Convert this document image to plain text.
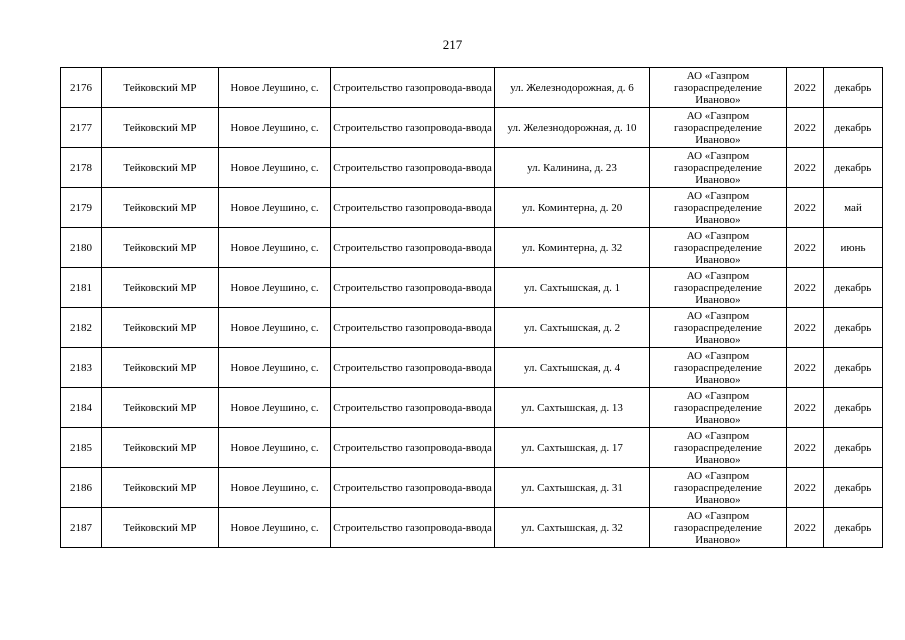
217
2176	Тейковский МР	Новое Леушино, с.	Строительство газопровода-ввода	ул. Железнодорожная, д. 6	АО «Газпром газораспределение Иваново»	2022	декабрь
2177	Тейковский МР	Новое Леушино, с.	Строительство газопровода-ввода	ул. Железнодорожная, д. 10	АО «Газпром газораспределение Иваново»	2022	декабрь
2178	Тейковский МР	Новое Леушино, с.	Строительство газопровода-ввода	ул. Калинина, д. 23	АО «Газпром газораспределение Иваново»	2022	декабрь
2179	Тейковский МР	Новое Леушино, с.	Строительство газопровода-ввода	ул. Коминтерна, д. 20	АО «Газпром газораспределение Иваново»	2022	май
2180	Тейковский МР	Новое Леушино, с.	Строительство газопровода-ввода	ул. Коминтерна, д. 32	АО «Газпром газораспределение Иваново»	2022	июнь
2181	Тейковский МР	Новое Леушино, с.	Строительство газопровода-ввода	ул. Сахтышская, д. 1	АО «Газпром газораспределение Иваново»	2022	декабрь
2182	Тейковский МР	Новое Леушино, с.	Строительство газопровода-ввода	ул. Сахтышская, д. 2	АО «Газпром газораспределение Иваново»	2022	декабрь
2183	Тейковский МР	Новое Леушино, с.	Строительство газопровода-ввода	ул. Сахтышская, д. 4	АО «Газпром газораспределение Иваново»	2022	декабрь
2184	Тейковский МР	Новое Леушино, с.	Строительство газопровода-ввода	ул. Сахтышская, д. 13	АО «Газпром газораспределение Иваново»	2022	декабрь
2185	Тейковский МР	Новое Леушино, с.	Строительство газопровода-ввода	ул. Сахтышская, д. 17	АО «Газпром газораспределение Иваново»	2022	декабрь
2186	Тейковский МР	Новое Леушино, с.	Строительство газопровода-ввода	ул. Сахтышская, д. 31	АО «Газпром газораспределение Иваново»	2022	декабрь
2187	Тейковский МР	Новое Леушино, с.	Строительство газопровода-ввода	ул. Сахтышская, д. 32	АО «Газпром газораспределение Иваново»	2022	декабрь
